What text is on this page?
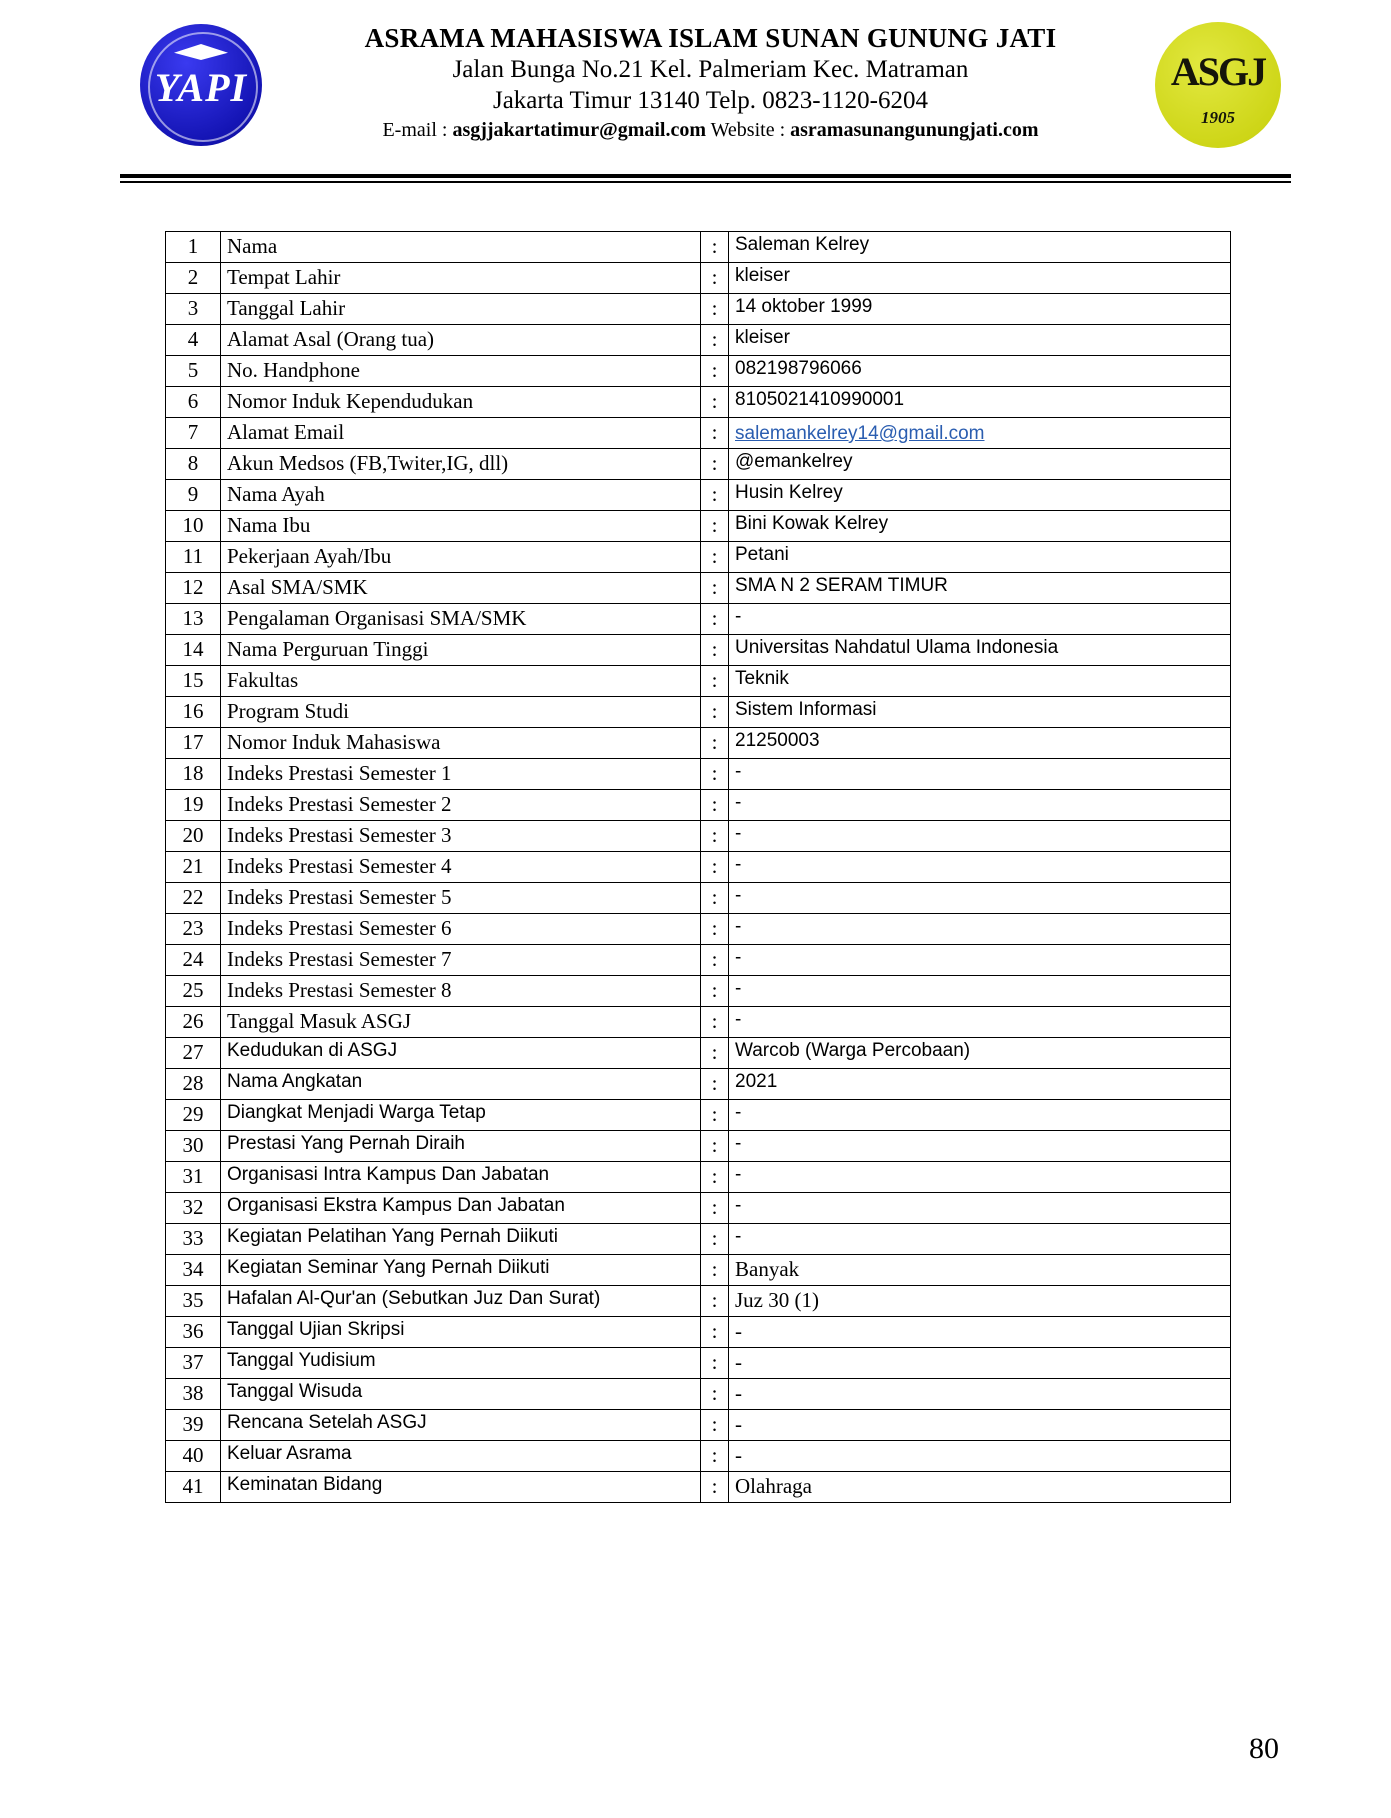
YAPI	ASGJ
1905
ASRAMA MAHASISWA ISLAM SUNAN GUNUNG JATI
Jalan Bunga No.21 Kel. Palmeriam Kec. Matraman
Jakarta Timur 13140 Telp. 0823-1120-6204
E-mail : asgjjakartatimur@gmail.com Website : asramasunangunungjati.com
1	Nama	:	Saleman Kelrey
2	Tempat Lahir	:	kleiser
3	Tanggal Lahir	:	14 oktober 1999
4	Alamat Asal (Orang tua)	:	kleiser
5	No. Handphone	:	082198796066
6	Nomor Induk Kependudukan	:	8105021410990001
7	Alamat Email	:	salemankelrey14@gmail.com
8	Akun Medsos (FB,Twiter,IG, dll)	:	@emankelrey
9	Nama Ayah	:	Husin Kelrey
10	Nama Ibu	:	Bini Kowak Kelrey
11	Pekerjaan Ayah/Ibu	:	Petani
12	Asal SMA/SMK	:	SMA N 2 SERAM TIMUR
13	Pengalaman Organisasi SMA/SMK	:	-
14	Nama Perguruan Tinggi	:	Universitas Nahdatul Ulama Indonesia
15	Fakultas	:	Teknik
16	Program Studi	:	Sistem Informasi
17	Nomor Induk Mahasiswa	:	21250003
18	Indeks Prestasi Semester 1	:	-
19	Indeks Prestasi Semester 2	:	-
20	Indeks Prestasi Semester 3	:	-
21	Indeks Prestasi Semester 4	:	-
22	Indeks Prestasi Semester 5	:	-
23	Indeks Prestasi Semester 6	:	-
24	Indeks Prestasi Semester 7	:	-
25	Indeks Prestasi Semester 8	:	-
26	Tanggal Masuk ASGJ	:	-
27	Kedudukan di ASGJ	:	Warcob (Warga Percobaan)
28	Nama Angkatan	:	2021
29	Diangkat Menjadi Warga Tetap	:	-
30	Prestasi Yang Pernah Diraih	:	-
31	Organisasi Intra Kampus Dan Jabatan	:	-
32	Organisasi Ekstra Kampus Dan Jabatan	:	-
33	Kegiatan Pelatihan Yang Pernah Diikuti	:	-
34	Kegiatan Seminar Yang Pernah Diikuti	:	Banyak
35	Hafalan Al-Qur'an (Sebutkan Juz Dan Surat)	:	Juz 30 (1)
36	Tanggal Ujian Skripsi	:	-
37	Tanggal Yudisium	:	-
38	Tanggal Wisuda	:	-
39	Rencana Setelah ASGJ	:	-
40	Keluar Asrama	:	-
41	Keminatan Bidang	:	Olahraga
80
